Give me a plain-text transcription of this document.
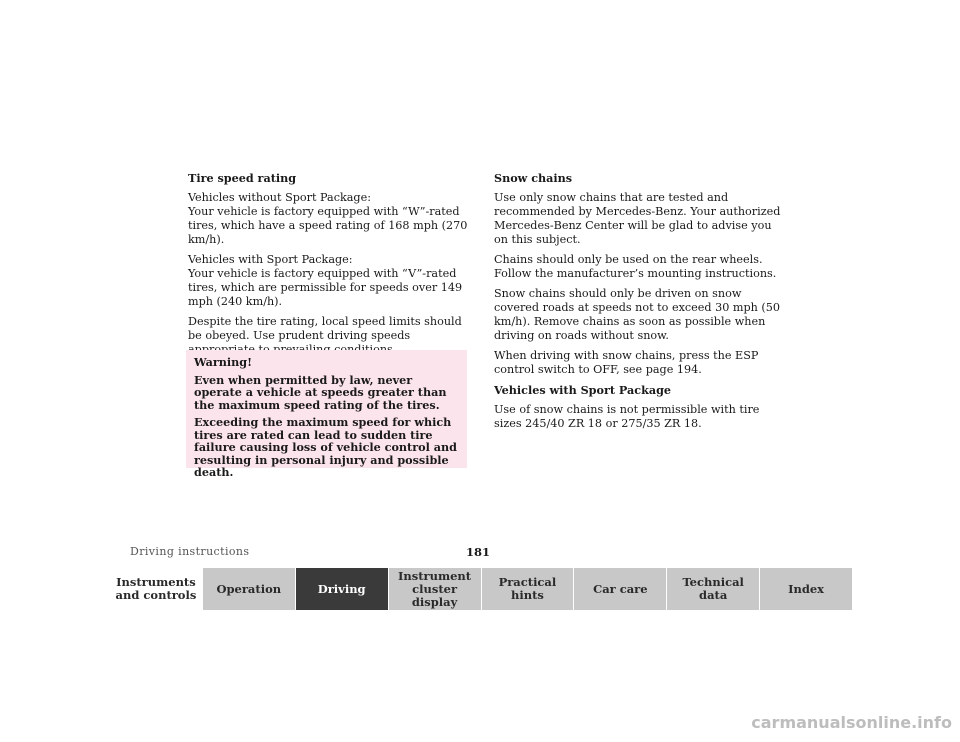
Tire speed rating

Vehicles without Sport Package:
Your vehicle is factory equipped with “W”-rated tires, which have a speed rating of 168 mph (270 km/h).

Vehicles with Sport Package:
Your vehicle is factory equipped with “V”-rated tires, which are permissible for speeds over 149 mph (240 km/h).

Despite the tire rating, local speed limits should be obeyed. Use prudent driving speeds

Warning!

Even when permitted by law, never operate a vehicle at speeds greater than the maximum speed rating of the tires.

Exceeding the maximum speed for which tires are rated can lead to sudden tire failure causing loss of vehicle control and resulting in personal injury and possible death.

Snow chains

Use only snow chains that are tested and recommended by Mercedes-Benz. Your authorized Mercedes-Benz Center will be glad to advise you on this subject.

Chains should only be used on the rear wheels. Follow the manufacturer’s mounting instructions.

Snow chains should only be driven on snow covered roads at speeds not to exceed 30 mph (50 km/h). Remove chains as soon as possible when driving on roads without snow.

When driving with snow chains, press the ESP control switch to OFF, see page 194.

Vehicles with Sport Package

Use of snow chains is not permissible with tire sizes 245/40 ZR 18 or 275/35 ZR 18.

Driving instructions	181
Instruments
and controls	Operation	Driving
Instrument
cluster display
Practical hints	Car care	Technical
data	Index
carmanualsonline.info
